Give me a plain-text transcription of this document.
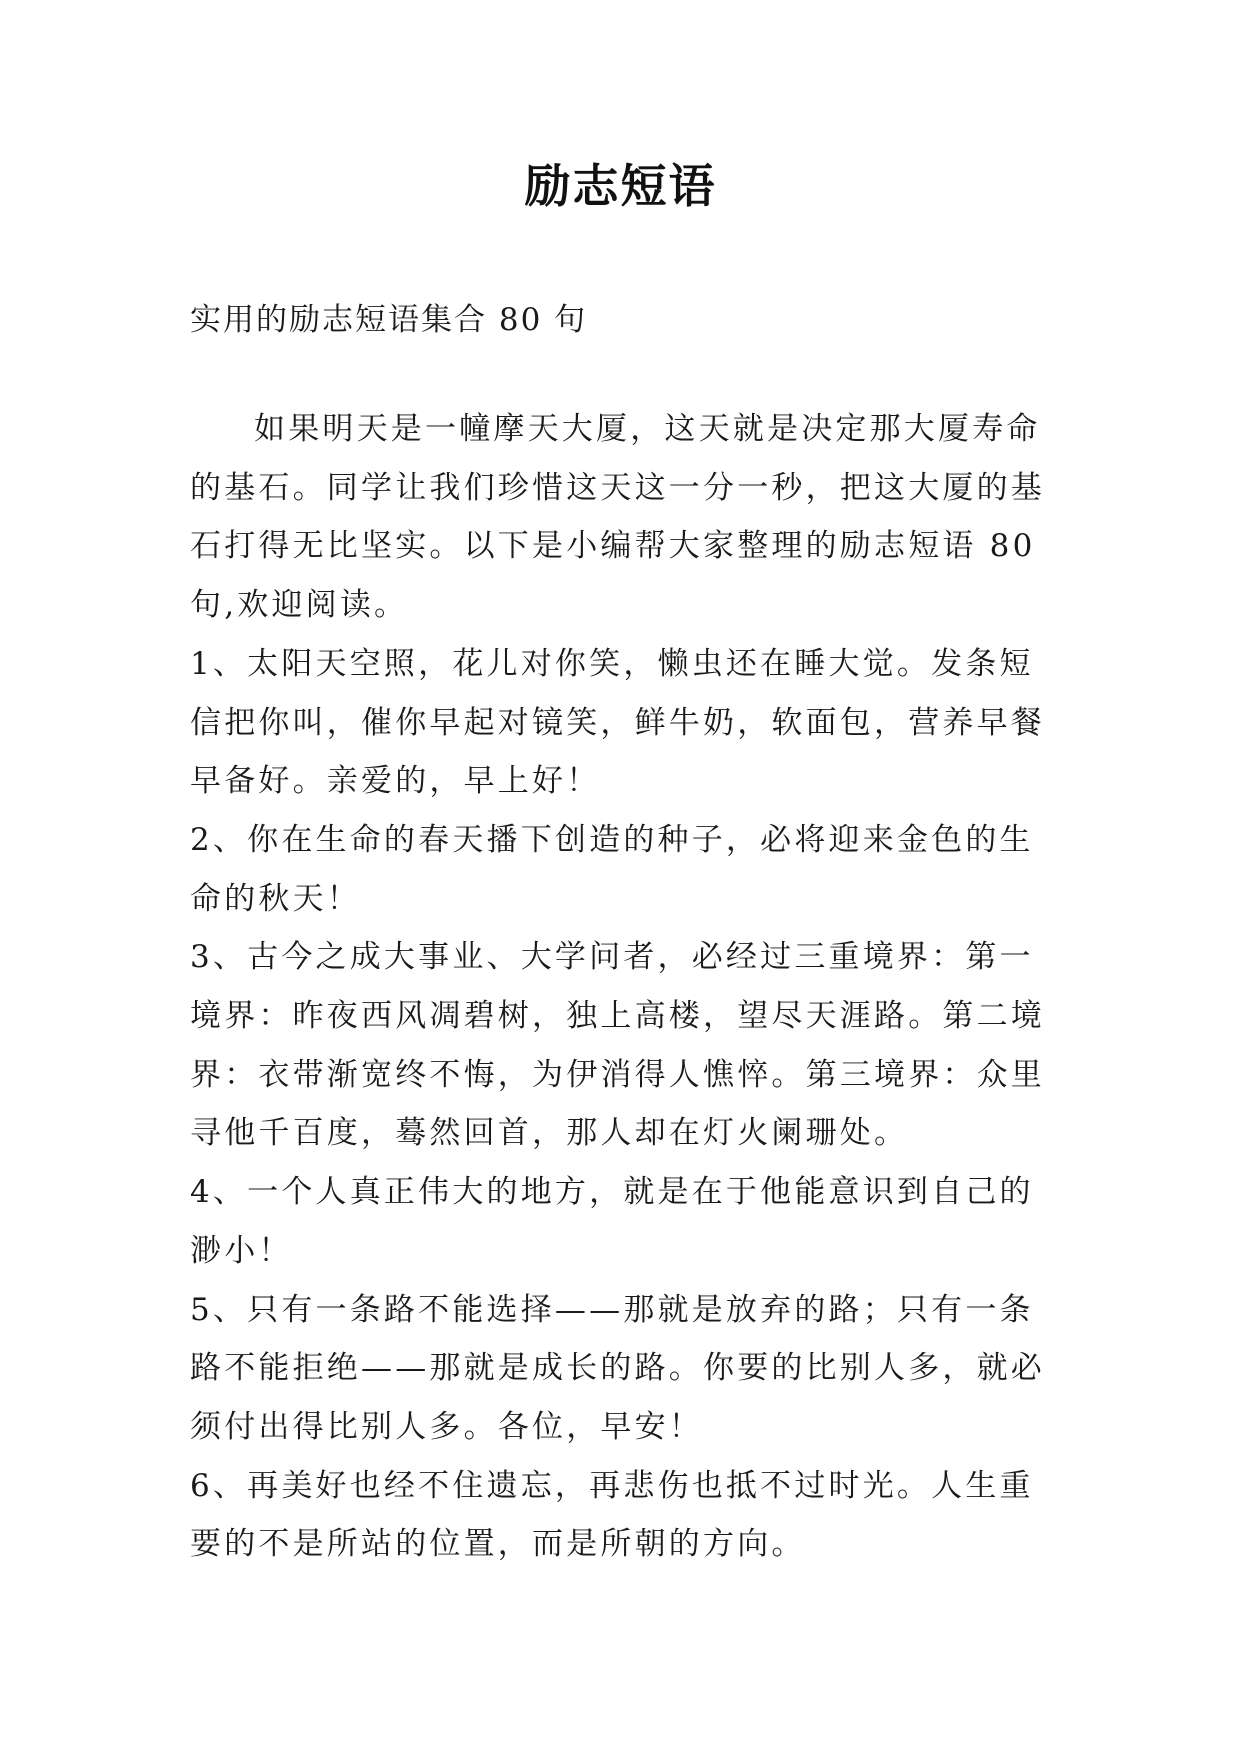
励志短语

实用的励志短语集合 80 句

如果明天是一幢摩天大厦，这天就是决定那大厦寿命的基石。同学让我们珍惜这天这一分一秒，把这大厦的基石打得无比坚实。以下是小编帮大家整理的励志短语 80 句,欢迎阅读。

1、太阳天空照，花儿对你笑，懒虫还在睡大觉。发条短信把你叫，催你早起对镜笑，鲜牛奶，软面包，营养早餐早备好。亲爱的，早上好！

2、你在生命的春天播下创造的种子，必将迎来金色的生命的秋天！

3、古今之成大事业、大学问者，必经过三重境界：第一境界：昨夜西风凋碧树，独上高楼，望尽天涯路。第二境界：衣带渐宽终不悔，为伊消得人憔悴。第三境界：众里寻他千百度，蓦然回首，那人却在灯火阑珊处。

4、一个人真正伟大的地方，就是在于他能意识到自己的渺小！

5、只有一条路不能选择——那就是放弃的路；只有一条路不能拒绝——那就是成长的路。你要的比别人多，就必须付出得比别人多。各位，早安！

6、再美好也经不住遗忘，再悲伤也抵不过时光。人生重要的不是所站的位置，而是所朝的方向。
